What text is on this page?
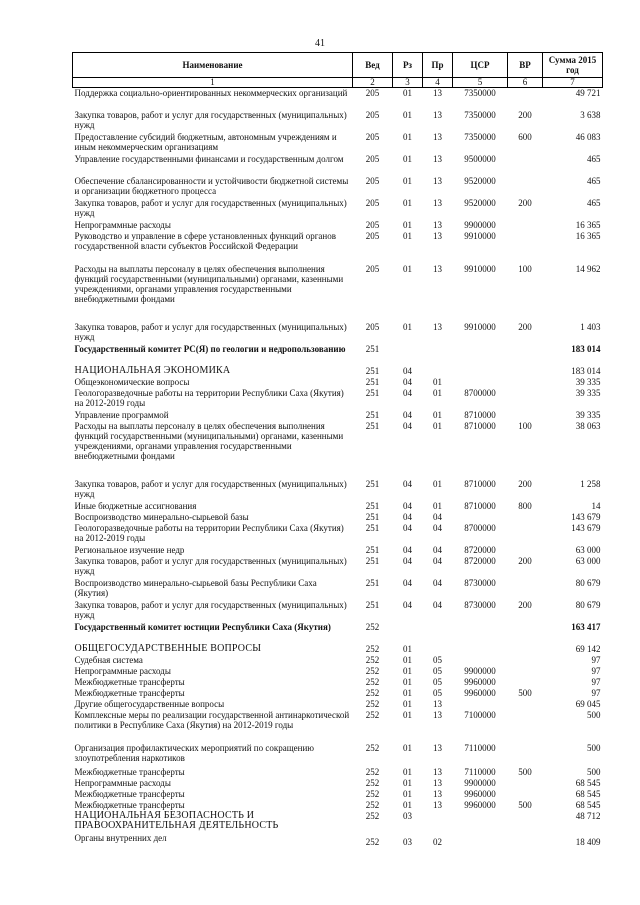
41
Наименование	Вед	Рз	Пр	ЦСР	ВР	Сумма 2015 год
1	2	3	4	5	6	7
Поддержка социально-ориентированных некоммерческих организаций	205	01	13	7350000		49 721
Закупка товаров, работ и услуг для государственных (муниципальных) нужд	205	01	13	7350000	200	3 638
Предоставление субсидий бюджетным, автономным учреждениям и иным некоммерческим организациям	205	01	13	7350000	600	46 083
Управление государственными финансами и государственным долгом	205	01	13	9500000		465
Обеспечение сбалансированности и устойчивости бюджетной системы и организации бюджетного процесса	205	01	13	9520000		465
Закупка товаров, работ и услуг для государственных (муниципальных) нужд	205	01	13	9520000	200	465
Непрограммные расходы	205	01	13	9900000		16 365
Руководство и управление в сфере установленных функций органов государственной власти субъектов Российской Федерации	205	01	13	9910000		16 365
Расходы на выплаты персоналу в целях обеспечения выполнения функций государственными (муниципальными) органами, казенными учреждениями, органами управления государственными внебюджетными фондами	205	01	13	9910000	100	14 962
Закупка товаров, работ и услуг для государственных (муниципальных) нужд	205	01	13	9910000	200	1 403
Государственный комитет РС(Я) по геологии и недропользованию	251					183 014
НАЦИОНАЛЬНАЯ ЭКОНОМИКА	251	04				183 014
Общеэкономические вопросы	251	04	01			39 335
Геологоразведочные работы на территории Республики Саха (Якутия) на 2012-2019 годы	251	04	01	8700000		39 335
Управление программой	251	04	01	8710000		39 335
Расходы на выплаты персоналу в целях обеспечения выполнения функций государственными (муниципальными) органами, казенными учреждениями, органами управления государственными внебюджетными фондами	251	04	01	8710000	100	38 063
Закупка товаров, работ и услуг для государственных (муниципальных) нужд	251	04	01	8710000	200	1 258
Иные бюджетные ассигнования	251	04	01	8710000	800	14
Воспроизводство минерально-сырьевой базы	251	04	04			143 679
Геологоразведочные работы на территории Республики Саха (Якутия) на 2012-2019 годы	251	04	04	8700000		143 679
Региональное изучение недр	251	04	04	8720000		63 000
Закупка товаров, работ и услуг для государственных (муниципальных) нужд	251	04	04	8720000	200	63 000
Воспроизводство минерально-сырьевой базы Республики Саха (Якутия)	251	04	04	8730000		80 679
Закупка товаров, работ и услуг для государственных (муниципальных) нужд	251	04	04	8730000	200	80 679
Государственный комитет юстиции Республики Саха (Якутия)	252					163 417
ОБЩЕГОСУДАРСТВЕННЫЕ ВОПРОСЫ	252	01				69 142
Судебная система	252	01	05			97
Непрограммные расходы	252	01	05	9900000		97
Межбюджетные трансферты	252	01	05	9960000		97
Межбюджетные трансферты	252	01	05	9960000	500	97
Другие общегосударственные вопросы	252	01	13			69 045
Комплексные меры по реализации государственной антинаркотической политики в Республике Саха (Якутия) на 2012-2019 годы	252	01	13	7100000		500
Организация профилактических мероприятий по сокращению злоупотребления наркотиков	252	01	13	7110000		500
Межбюджетные трансферты	252	01	13	7110000	500	500
Непрограммные расходы	252	01	13	9900000		68 545
Межбюджетные трансферты	252	01	13	9960000		68 545
Межбюджетные трансферты	252	01	13	9960000	500	68 545
НАЦИОНАЛЬНАЯ БЕЗОПАСНОСТЬ И ПРАВООХРАНИТЕЛЬНАЯ ДЕЯТЕЛЬНОСТЬ	252	03				48 712
Органы внутренних дел	252	03	02			18 409
